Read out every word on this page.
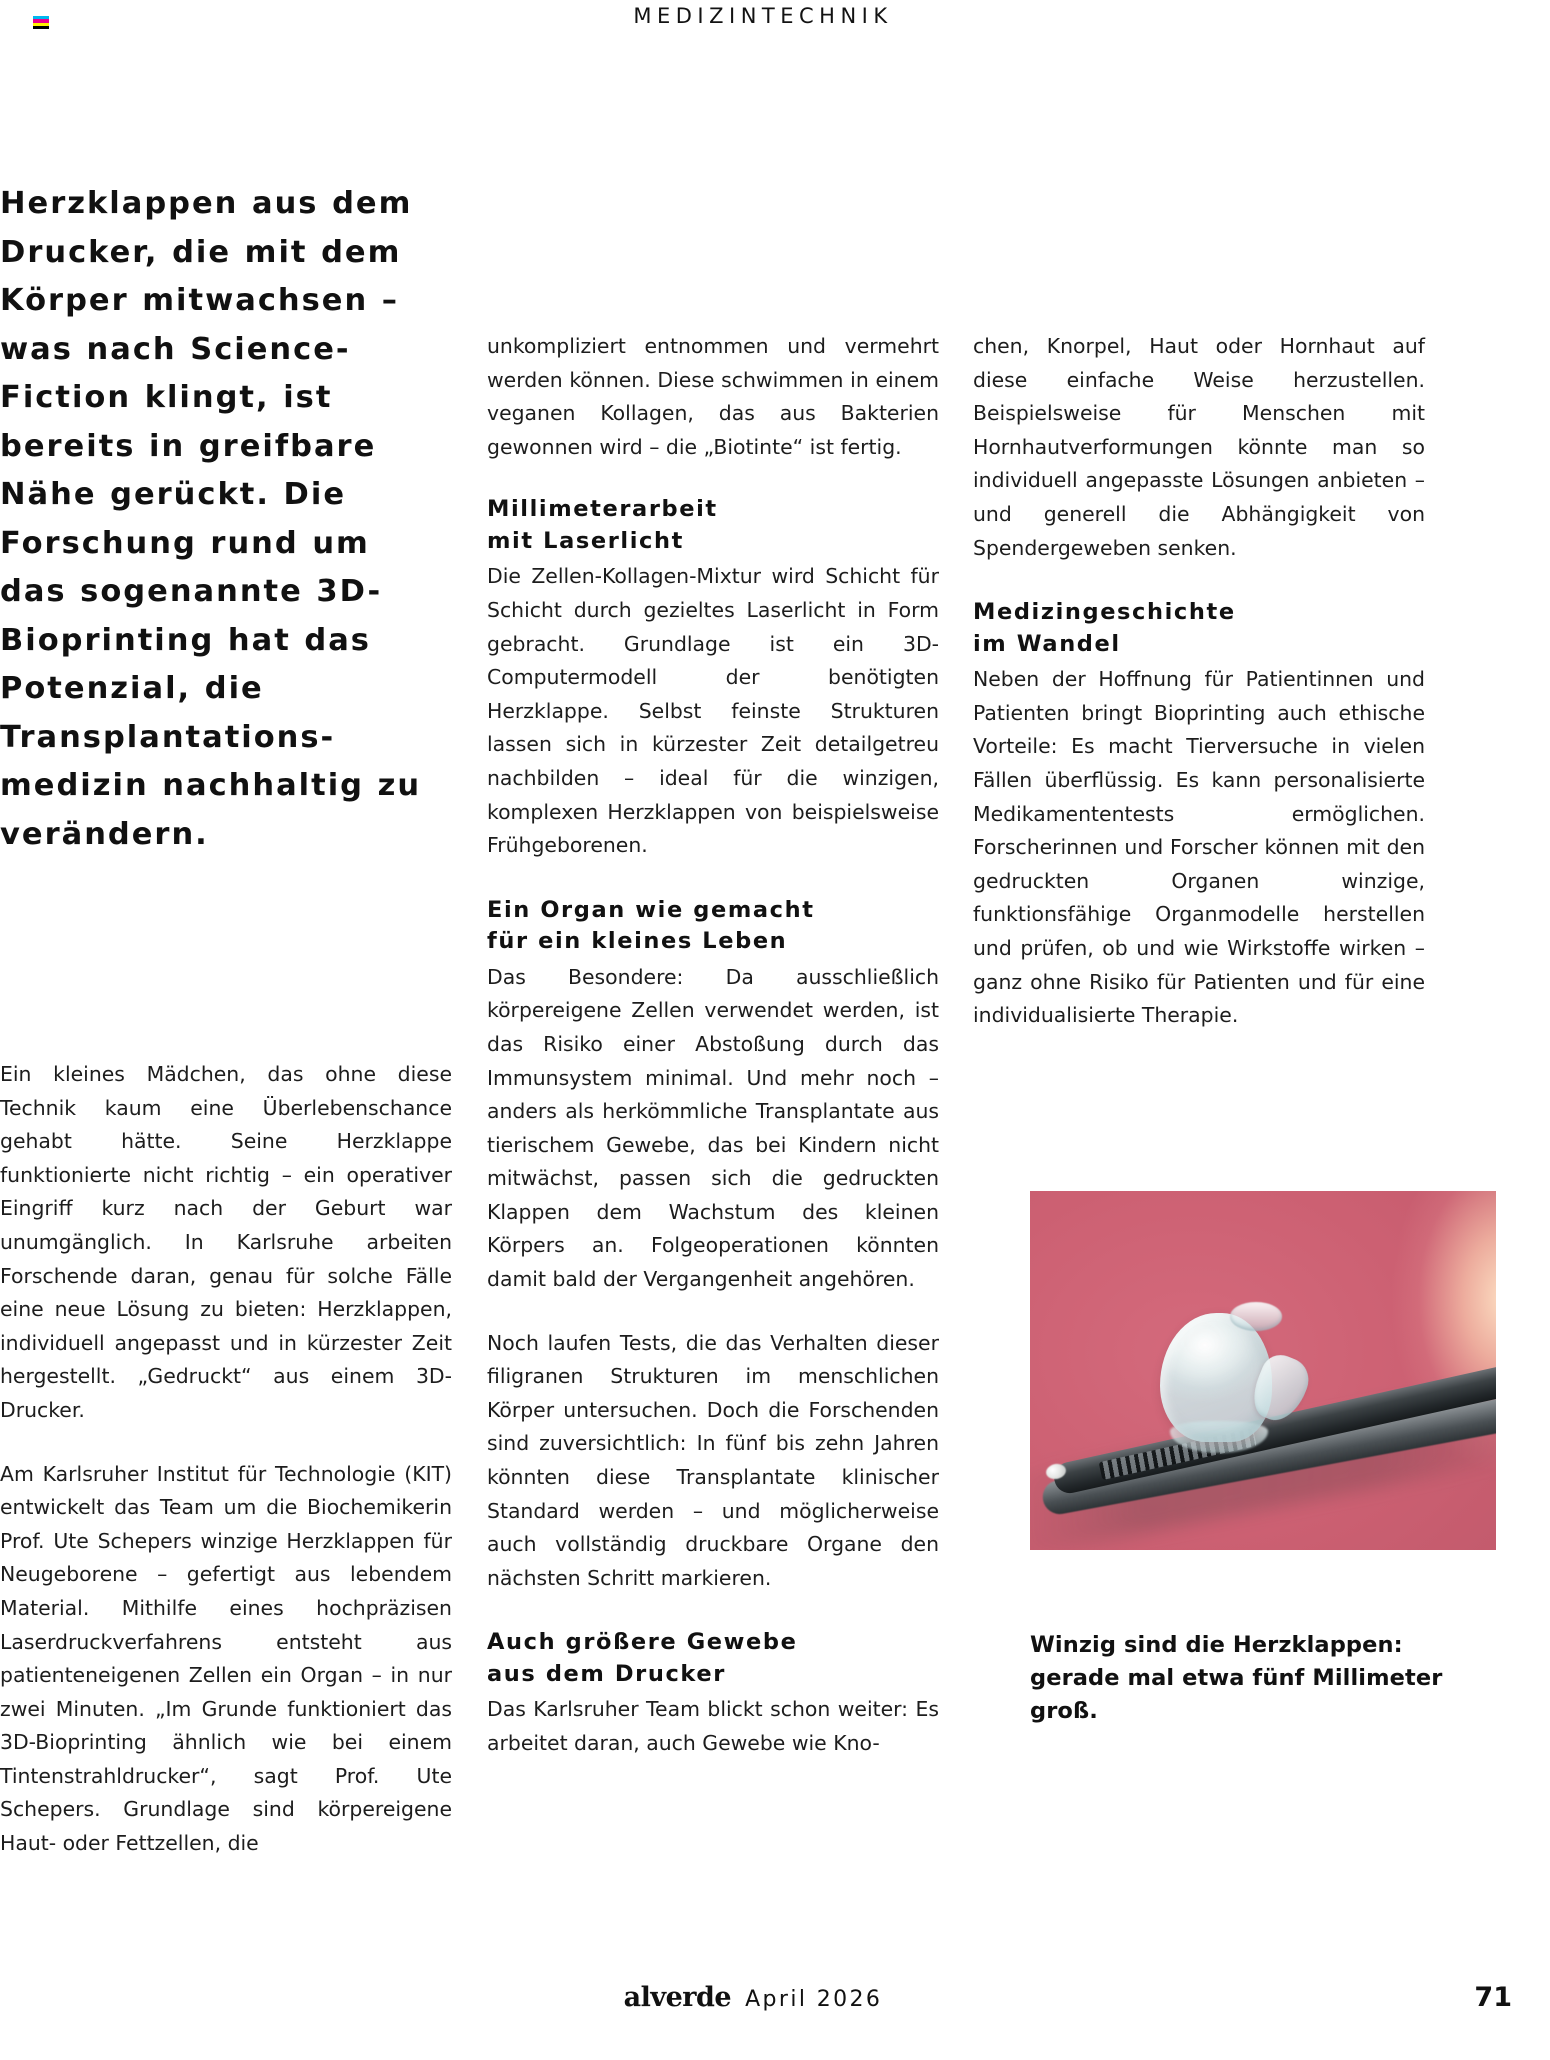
MEDIZINTECHNIK
Herzklappen aus dem Drucker, die mit dem Körper mitwachsen – was nach Science-Fiction klingt, ist bereits in greifbare Nähe gerückt. Die Forschung rund um das sogenannte 3D-Bioprinting hat das Potenzial, die Transplantations-medizin nachhaltig zu verändern.

Ein kleines Mädchen, das ohne diese Technik kaum eine Überlebenschance gehabt hätte. Seine Herzklappe funktionierte nicht richtig – ein operativer Eingriff kurz nach der Geburt war unumgänglich. In Karlsruhe arbeiten Forschende daran, genau für solche Fälle eine neue Lösung zu bieten: Herzklappen, individuell angepasst und in kürzester Zeit hergestellt. „Gedruckt“ aus einem 3D-Drucker.

Am Karlsruher Institut für Technologie (KIT) entwickelt das Team um die Biochemikerin Prof. Ute Schepers winzige Herzklappen für Neugeborene – gefertigt aus lebendem Material. Mithilfe eines hochpräzisen Laserdruckverfahrens entsteht aus patienteneigenen Zellen ein Organ – in nur zwei Minuten. „Im Grunde funktioniert das 3D-Bioprinting ähnlich wie bei einem Tintenstrahldrucker“, sagt Prof. Ute Schepers. Grundlage sind körpereigene Haut- oder Fettzellen, die

unkompliziert entnommen und vermehrt werden können. Diese schwimmen in einem veganen Kollagen, das aus Bakterien gewonnen wird – die „Biotinte“ ist fertig.

Millimeterarbeit
mit Laserlicht

Die Zellen-Kollagen-Mixtur wird Schicht für Schicht durch gezieltes Laserlicht in Form gebracht. Grundlage ist ein 3D-Computermodell der benötigten Herzklappe. Selbst feinste Strukturen lassen sich in kürzester Zeit detailgetreu nachbilden – ideal für die winzigen, komplexen Herzklappen von beispielsweise Frühgeborenen.

Ein Organ wie gemacht
für ein kleines Leben

Das Besondere: Da ausschließlich körpereigene Zellen verwendet werden, ist das Risiko einer Abstoßung durch das Immunsystem minimal. Und mehr noch – anders als herkömmliche Transplantate aus tierischem Gewebe, das bei Kindern nicht mitwächst, passen sich die gedruckten Klappen dem Wachstum des kleinen Körpers an. Folgeoperationen könnten damit bald der Vergangenheit angehören.

Noch laufen Tests, die das Verhalten dieser filigranen Strukturen im menschlichen Körper untersuchen. Doch die Forschenden sind zuversichtlich: In fünf bis zehn Jahren könnten diese Transplantate klinischer Standard werden – und möglicherweise auch vollständig druckbare Organe den nächsten Schritt markieren.

Auch größere Gewebe
aus dem Drucker

Das Karlsruher Team blickt schon weiter: Es arbeitet daran, auch Gewebe wie Kno-

chen, Knorpel, Haut oder Hornhaut auf diese einfache Weise herzustellen. Beispielsweise für Menschen mit Hornhautverformungen könnte man so individuell angepasste Lösungen anbieten – und generell die Abhängigkeit von Spendergeweben senken.

Medizingeschichte
im Wandel

Neben der Hoffnung für Patientinnen und Patienten bringt Bioprinting auch ethische Vorteile: Es macht Tierversuche in vielen Fällen überflüssig. Es kann personalisierte Medikamententests ermöglichen. Forscherinnen und Forscher können mit den gedruckten Organen winzige, funktionsfähige Organmodelle herstellen und prüfen, ob und wie Wirkstoffe wirken – ganz ohne Risiko für Patienten und für eine individualisierte Therapie.

Winzig sind die Herzklappen: gerade mal etwa fünf Millimeter groß.
alverde April 2026	71
